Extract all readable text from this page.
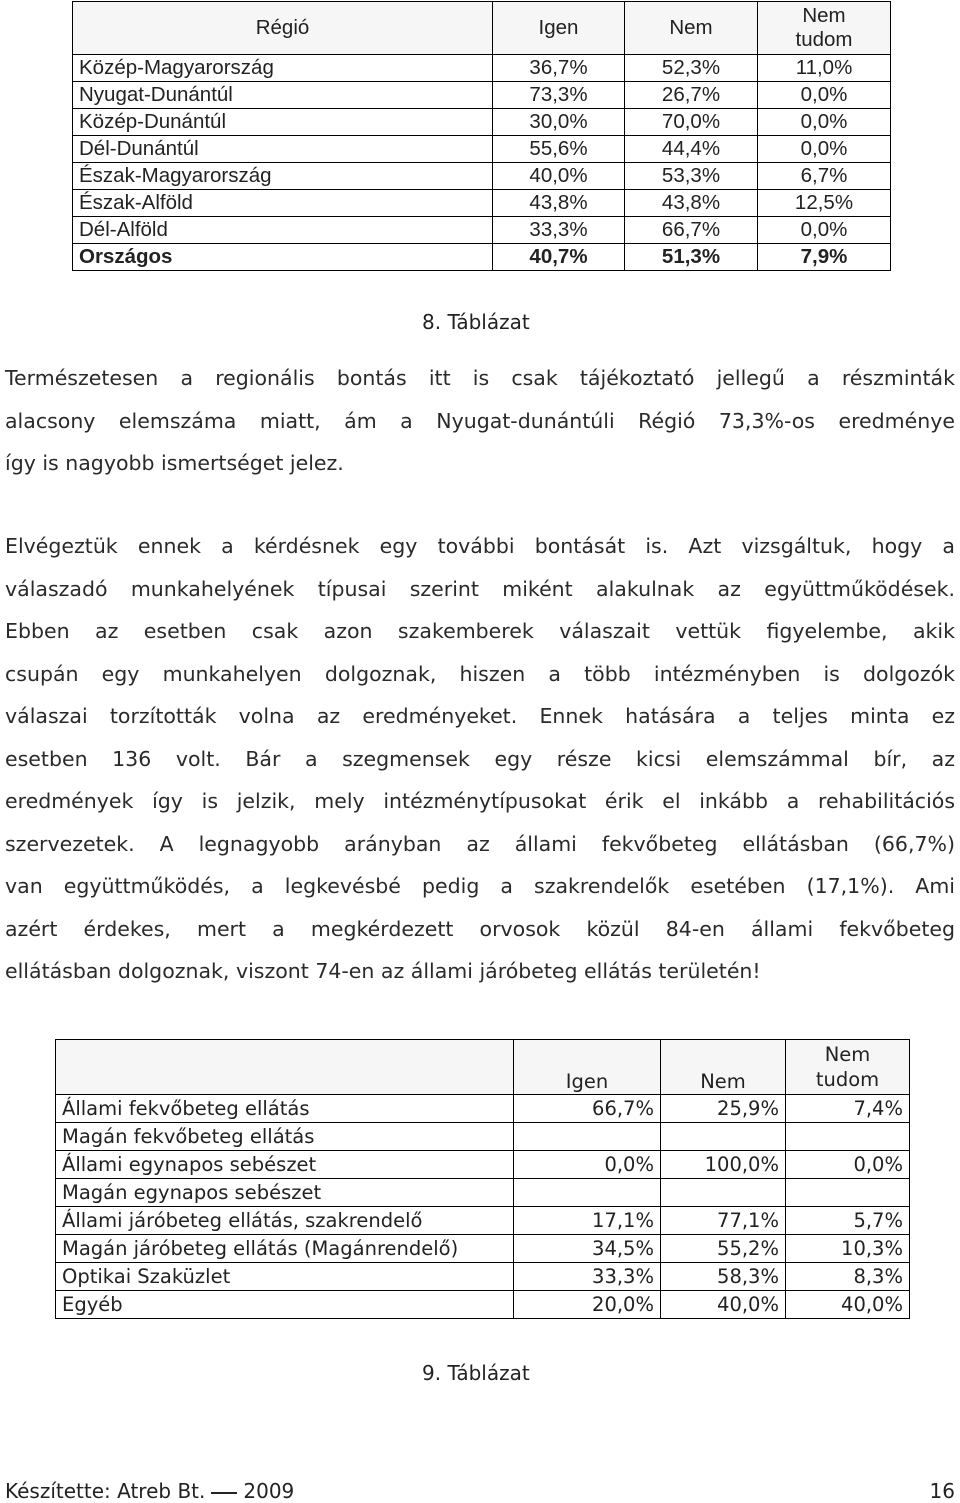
Régió	Igen	Nem	Nem tudom
Közép-Magyarország	36,7%	52,3%	11,0%
Nyugat-Dunántúl	73,3%	26,7%	0,0%
Közép-Dunántúl	30,0%	70,0%	0,0%
Dél-Dunántúl	55,6%	44,4%	0,0%
Észak-Magyarország	40,0%	53,3%	6,7%
Észak-Alföld	43,8%	43,8%	12,5%
Dél-Alföld	33,3%	66,7%	0,0%
Országos	40,7%	51,3%	7,9%
8. Táblázat
Természetesen a regionális bontás itt is csak tájékoztató jellegű a részminták
alacsony elemszáma miatt, ám a Nyugat-dunántúli Régió 73,3%-os eredménye
így is nagyobb ismertséget jelez.
Elvégeztük ennek a kérdésnek egy további bontását is. Azt vizsgáltuk, hogy a
válaszadó munkahelyének típusai szerint miként alakulnak az együttműködések.
Ebben az esetben csak azon szakemberek válaszait vettük figyelembe, akik
csupán egy munkahelyen dolgoznak, hiszen a több intézményben is dolgozók
válaszai torzították volna az eredményeket. Ennek hatására a teljes minta ez
esetben 136 volt. Bár a szegmensek egy része kicsi elemszámmal bír, az
eredmények így is jelzik, mely intézménytípusokat érik el inkább a rehabilitációs
szervezetek. A legnagyobb arányban az állami fekvőbeteg ellátásban (66,7%)
van együttműködés, a legkevésbé pedig a szakrendelők esetében (17,1%). Ami
azért érdekes, mert a megkérdezett orvosok közül 84-en állami fekvőbeteg
ellátásban dolgoznak, viszont 74-en az állami járóbeteg ellátás területén!
	Igen	Nem	Nem tudom
Állami fekvőbeteg ellátás	66,7%	25,9%	7,4%
Magán fekvőbeteg ellátás			
Állami egynapos sebészet	0,0%	100,0%	0,0%
Magán egynapos sebészet			
Állami járóbeteg ellátás, szakrendelő	17,1%	77,1%	5,7%
Magán járóbeteg ellátás (Magánrendelő)	34,5%	55,2%	10,3%
Optikai Szaküzlet	33,3%	58,3%	8,3%
Egyéb	20,0%	40,0%	40,0%
9. Táblázat
Készítette: Atreb Bt. 2009	16
